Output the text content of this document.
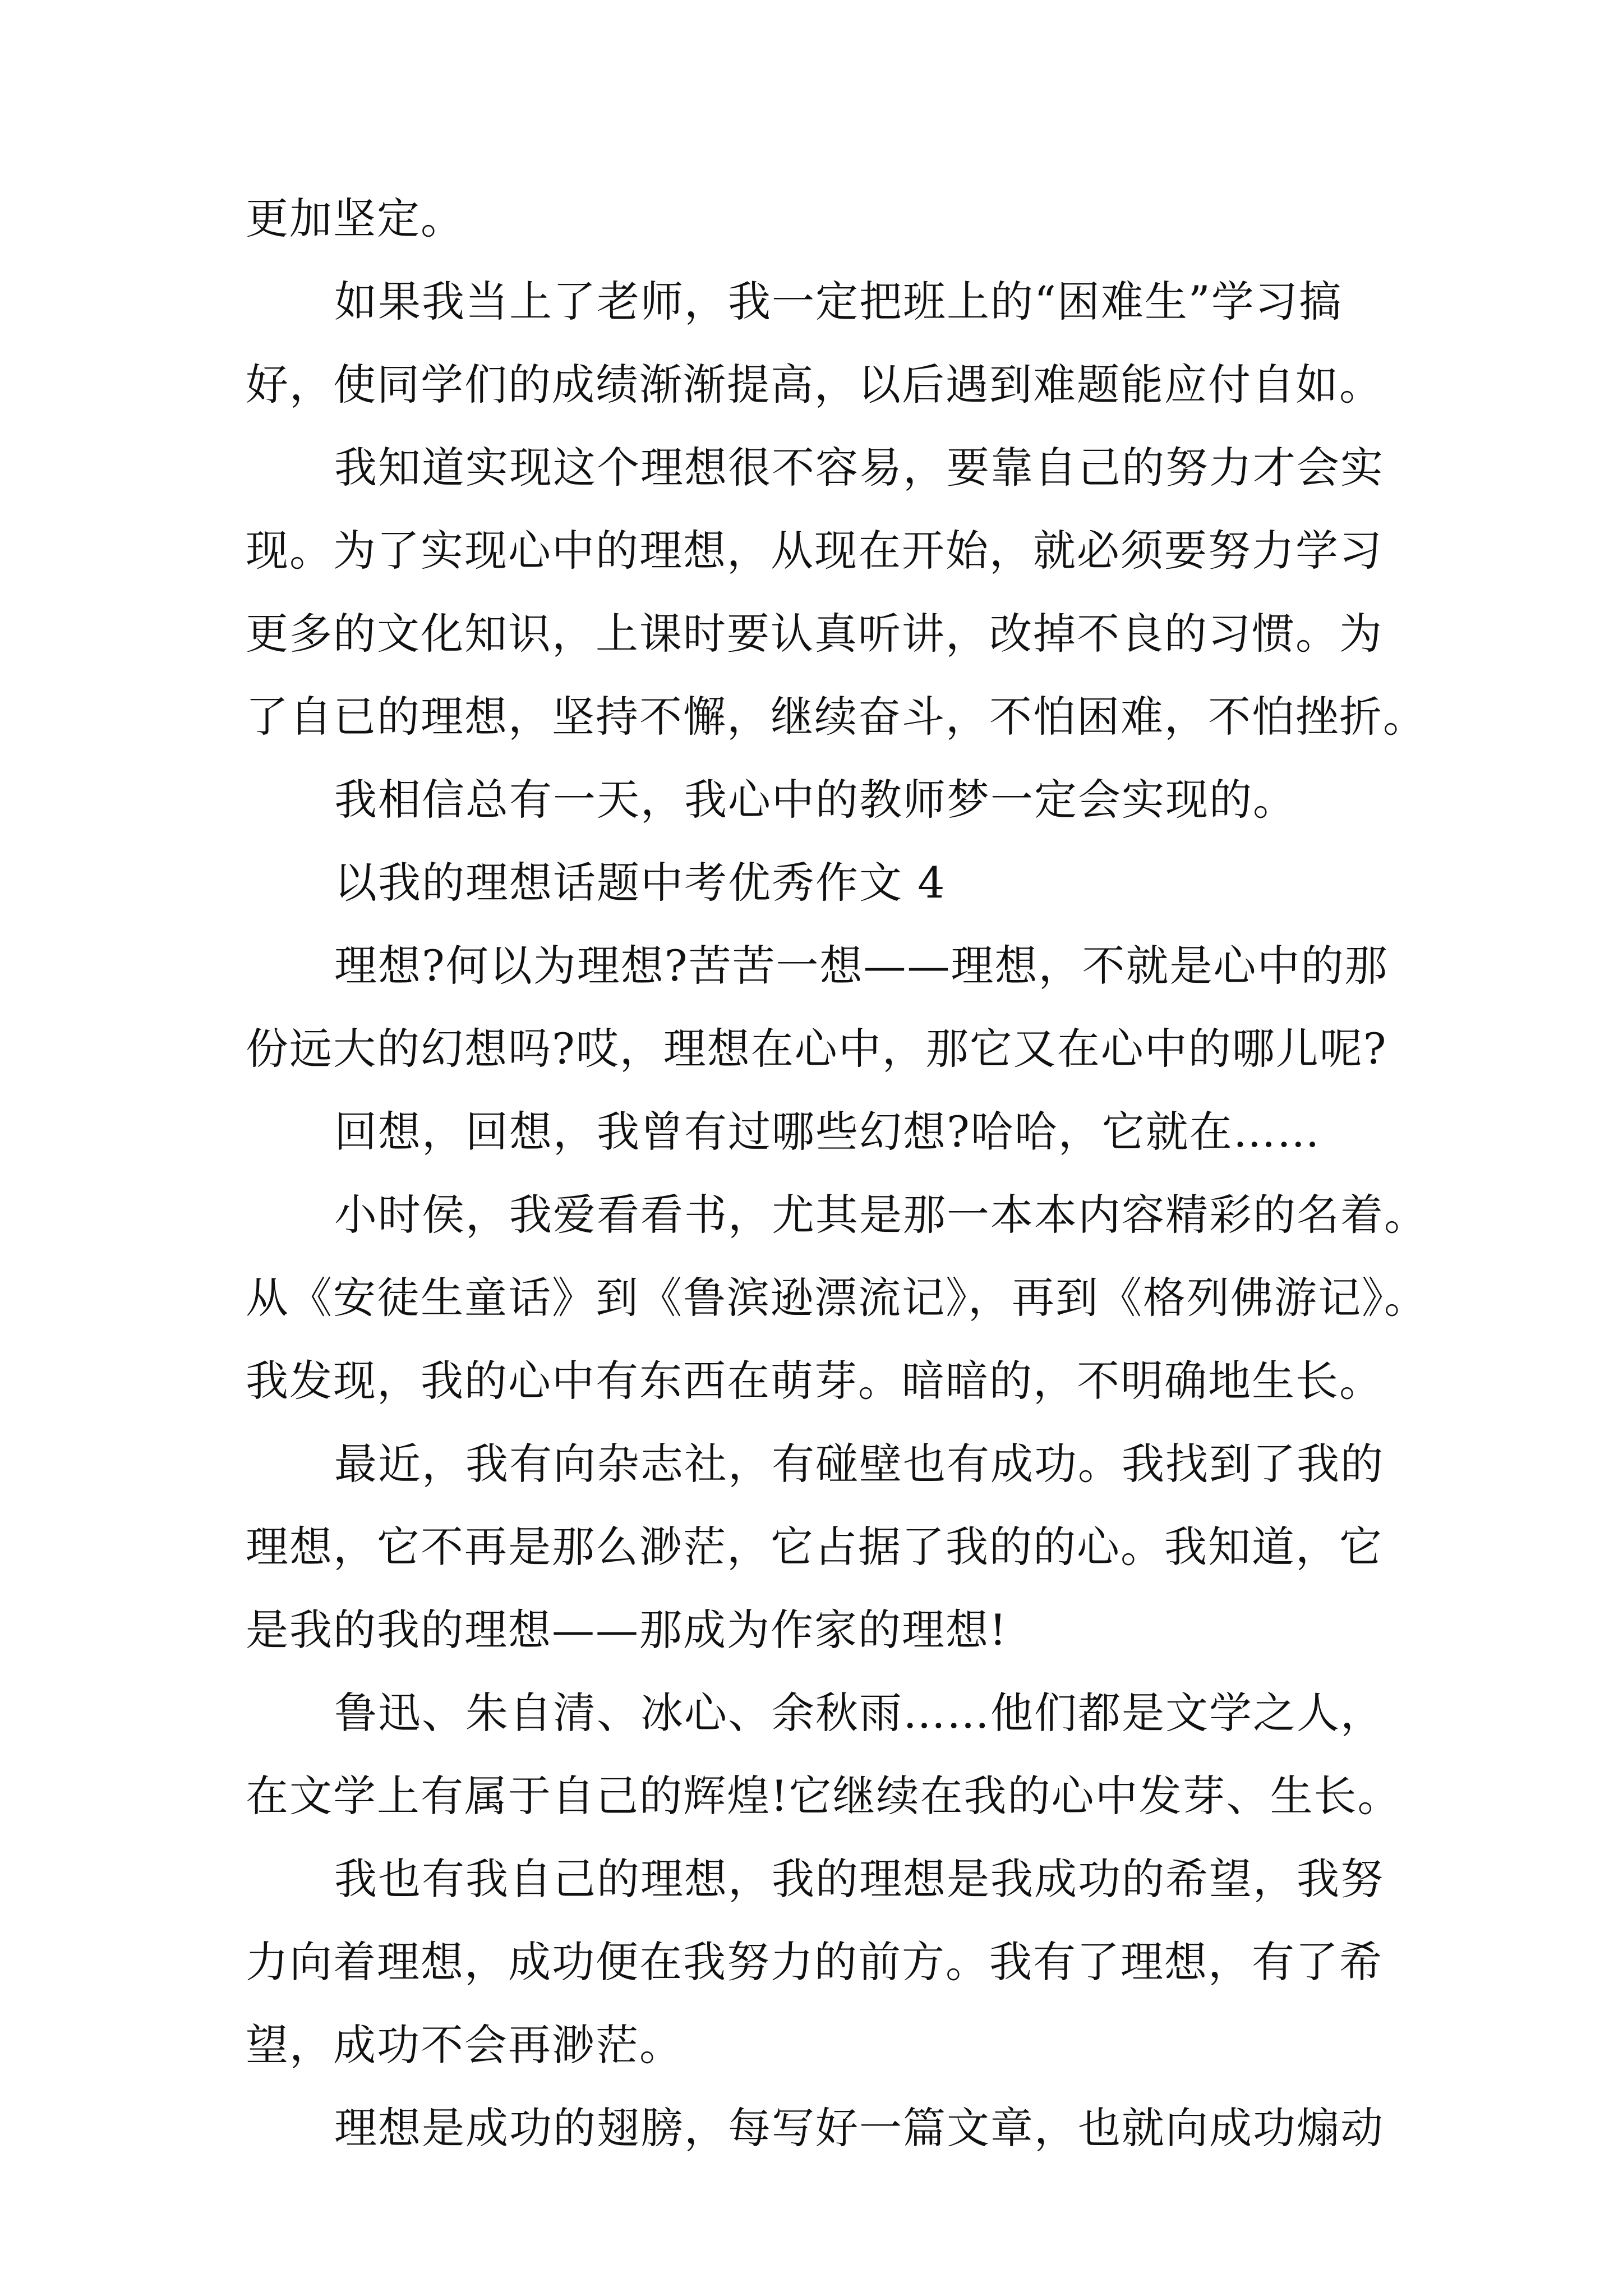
更加坚定。
如果我当上了老师，我一定把班上的“困难生”学习搞
好，使同学们的成绩渐渐提高，以后遇到难题能应付自如。
我知道实现这个理想很不容易，要靠自己的努力才会实
现。为了实现心中的理想，从现在开始，就必须要努力学习
更多的文化知识，上课时要认真听讲，改掉不良的习惯。为
了自已的理想，坚持不懈，继续奋斗，不怕困难，不怕挫折。
我相信总有一天，我心中的教师梦一定会实现的。
以我的理想话题中考优秀作文 4
理想?何以为理想?苦苦一想——理想，不就是心中的那
份远大的幻想吗?哎，理想在心中，那它又在心中的哪儿呢?
回想，回想，我曾有过哪些幻想?哈哈，它就在……
小时侯，我爱看看书，尤其是那一本本内容精彩的名着。
从《安徒生童话》到《鲁滨逊漂流记》，再到《格列佛游记》。
我发现，我的心中有东西在萌芽。暗暗的，不明确地生长。
最近，我有向杂志社，有碰壁也有成功。我找到了我的
理想，它不再是那么渺茫，它占据了我的的心。我知道，它
是我的我的理想——那成为作家的理想!
鲁迅、朱自清、冰心、余秋雨……他们都是文学之人，
在文学上有属于自己的辉煌!它继续在我的心中发芽、生长。
我也有我自己的理想，我的理想是我成功的希望，我努
力向着理想，成功便在我努力的前方。我有了理想，有了希
望，成功不会再渺茫。
理想是成功的翅膀，每写好一篇文章，也就向成功煽动
